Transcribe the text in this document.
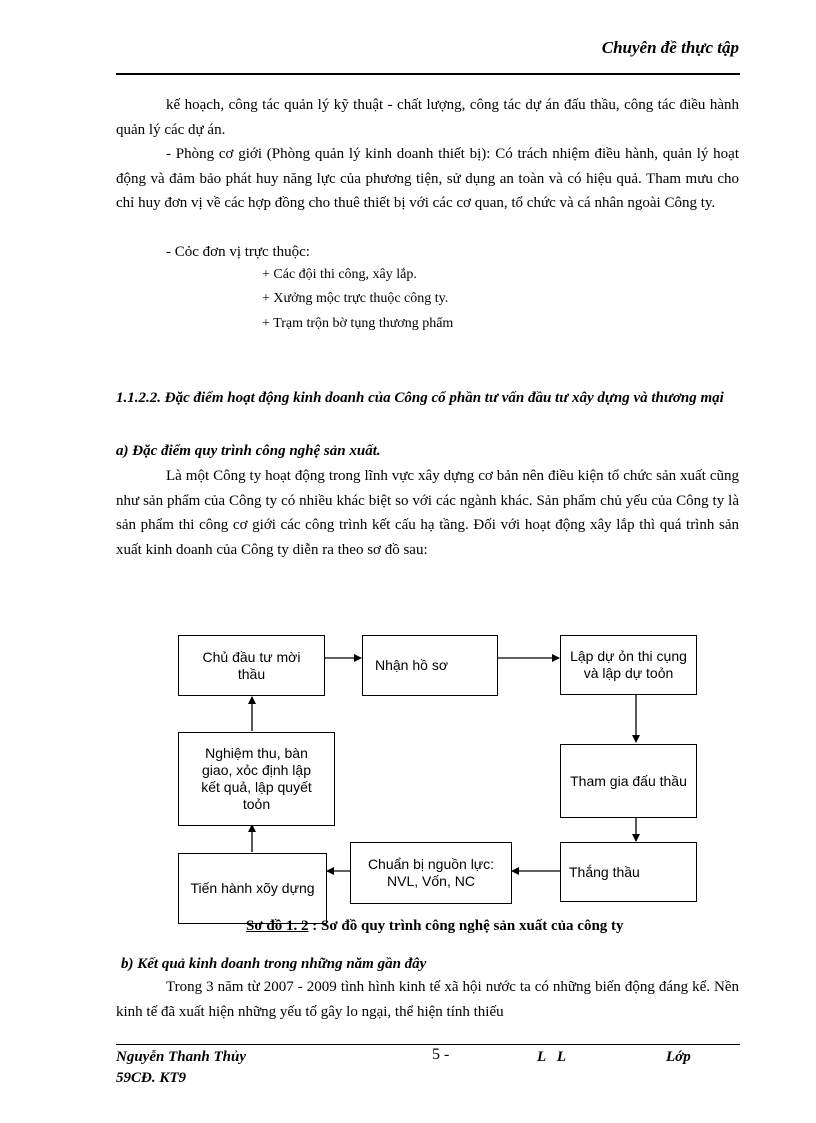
Chuyên đề thực tập

kế hoạch, công tác quản lý kỹ thuật - chất lượng, công tác dự án đấu thầu, công tác điều hành quản lý các dự án.

- Phòng cơ giới (Phòng quản lý kinh doanh thiết bị): Có trách nhiệm điều hành, quản lý hoạt động và đảm bảo phát huy năng lực của phương tiện, sử dụng an toàn và có hiệu quả. Tham mưu cho chỉ huy đơn vị về các hợp đồng cho thuê thiết bị với các cơ quan, tổ chức và cá nhân ngoài Công ty.

- Cỏc đơn vị trực thuộc:

+ Các đội thi công, xây lắp.

+ Xưởng mộc trực thuộc công ty.

+ Trạm trộn bờ tụng thương phẩm

1.1.2.2. Đặc điểm hoạt động kinh doanh của Công cổ phần tư vấn đầu tư xây dựng và thương mại

a) Đặc điểm quy trình công nghệ sản xuất.

Là một Công ty hoạt động trong lĩnh vực xây dựng cơ bản nên điều kiện tổ chức sản xuất cũng như sản phẩm của Công ty có nhiều khác biệt so với các ngành khác. Sản phẩm chủ yếu của Công ty là sản phẩm thi công cơ giới các công trình kết cấu hạ tầng. Đối với hoạt động xây lắp thì quá trình sản xuất kinh doanh của Công ty diễn ra theo sơ đồ sau:

Chủ đầu tư mời thầu
Nhận hồ sơ
Lập dự ỏn thi cụng và lập dự toỏn
Tham gia đấu thầu
Thắng thầu
Chuẩn bị nguồn lực: NVL, Vốn, NC
Tiến hành xõy dựng
Nghiệm thu, bàn giao, xỏc định lập kết quả, lập quyết toỏn
Sơ đồ 1. 2 : Sơ đồ quy trình công nghệ sản xuất của công ty

b) Kết quả kinh doanh trong những năm gần đây

Trong 3 năm từ 2007 - 2009 tình hình kinh tế xã hội nước ta có những biến động đáng kể. Nền kinh tế đã xuất hiện những yếu tố gây lo ngại, thể hiện tính thiếu

Nguyễn Thanh Thủy	5 -	L   L	Lớp
59CĐ. KT9
